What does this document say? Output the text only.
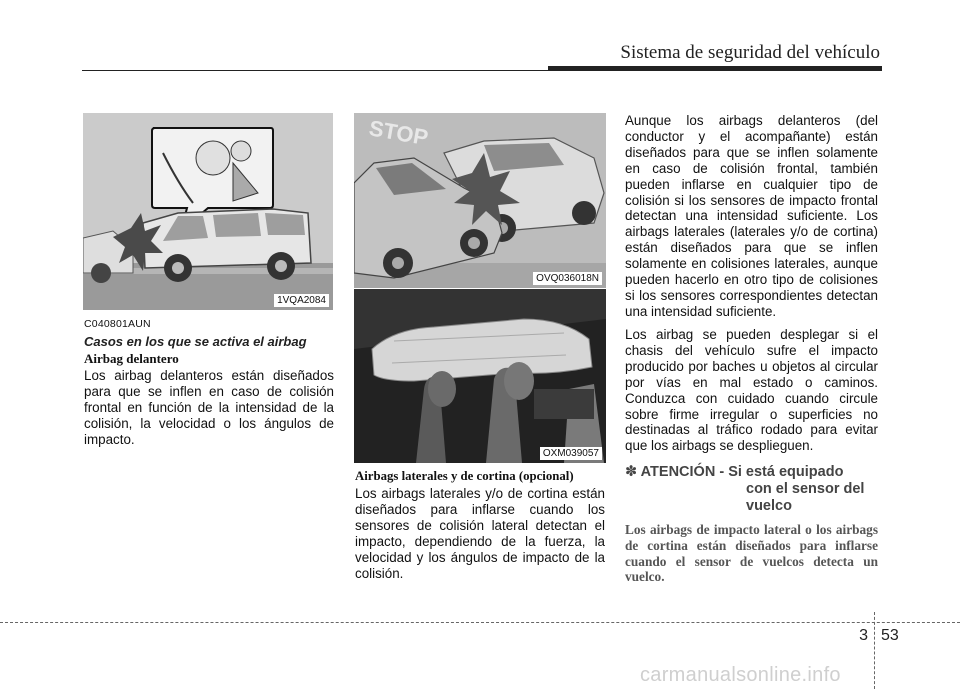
Sistema de seguridad del vehículo
1VQA2084
C040801AUN
Casos en los que se activa el airbag
Airbag delantero
Los airbag delanteros están diseñados para que se inflen en caso de colisión frontal en función de la intensidad de la colisión, la velocidad o los ángulos de impacto.
STOP
OVQ036018N
OXM039057
Airbags laterales y de cortina (opcional)
Los airbags laterales y/o de cortina están diseñados para inflarse cuando los sensores de colisión lateral detectan el impacto, dependiendo de la fuerza, la velocidad y los ángulos de impacto de la colisión.
Aunque los airbags delanteros (del conductor y el acompañante) están diseñados para que se inflen solamente en caso de colisión frontal, también pueden inflarse en cualquier tipo de colisión si los sensores de impacto frontal detectan una intensidad suficiente. Los airbags laterales (laterales y/o de cortina) están diseñados para que se inflen solamente en colisiones laterales, aunque pueden hacerlo en otro tipo de colisiones si los sensores correspondientes detectan una intensidad suficiente.
Los airbag se pueden desplegar si el chasis del vehículo sufre el impacto producido por baches u objetos al circular por vías en mal estado o caminos. Conduzca con cuidado cuando circule sobre firme irregular o superficies no destinadas al tráfico rodado para evitar que los airbags se desplieguen.
✽ ATENCIÓN - Si está equipado
con el sensor del
vuelco
Los airbags de impacto lateral o los airbags de cortina están diseñados para inflarse cuando el sensor de vuelcos detecta un vuelco.
3 53
carmanualsonline.info
